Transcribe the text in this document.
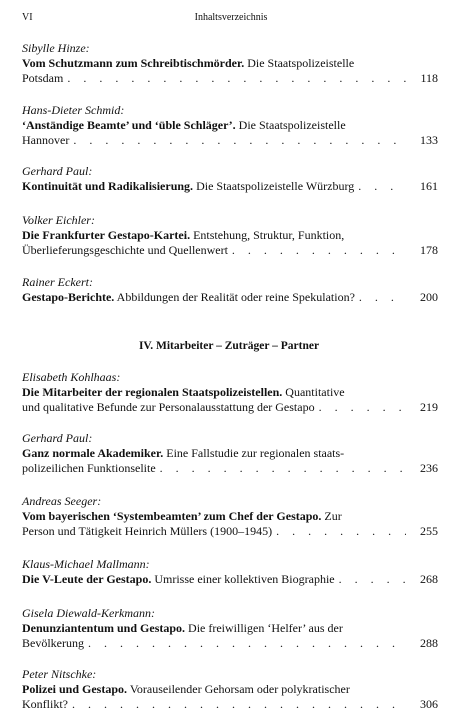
VI	Inhaltsverzeichnis
IV. Mitarbeiter – Zuträger – Partner
Sibylle Hinze:
Vom Schutzmann zum Schreibtischmörder. Die Staatspolizeistelle
Potsdam . . .	118
Hans-Dieter Schmid:
‘Anständige Beamte’ und ‘üble Schläger’. Die Staatspolizeistelle
Hannover . . .	133
Gerhard Paul:
Kontinuität und Radikalisierung. Die Staatspolizeistelle Würzburg . . .	161
Volker Eichler:
Die Frankfurter Gestapo-Kartei. Entstehung, Struktur, Funktion,
Überlieferungsgeschichte und Quellenwert . . .	178
Rainer Eckert:
Gestapo-Berichte. Abbildungen der Realität oder reine Spekulation? . . .	200
Elisabeth Kohlhaas:
Die Mitarbeiter der regionalen Staatspolizeistellen. Quantitative
und qualitative Befunde zur Personalausstattung der Gestapo . . .	219
Gerhard Paul:
Ganz normale Akademiker. Eine Fallstudie zur regionalen staats-
polizeilichen Funktionselite . . .	236
Andreas Seeger:
Vom bayerischen ‘Systembeamten’ zum Chef der Gestapo. Zur
Person und Tätigkeit Heinrich Müllers (1900–1945) . . .	255
Klaus-Michael Mallmann:
Die V-Leute der Gestapo. Umrisse einer kollektiven Biographie . . .	268
Gisela Diewald-Kerkmann:
Denunziantentum und Gestapo. Die freiwilligen ‘Helfer’ aus der
Bevölkerung . . .	288
Peter Nitschke:
Polizei und Gestapo. Vorauseilender Gehorsam oder polykratischer
Konflikt? . . .	306
